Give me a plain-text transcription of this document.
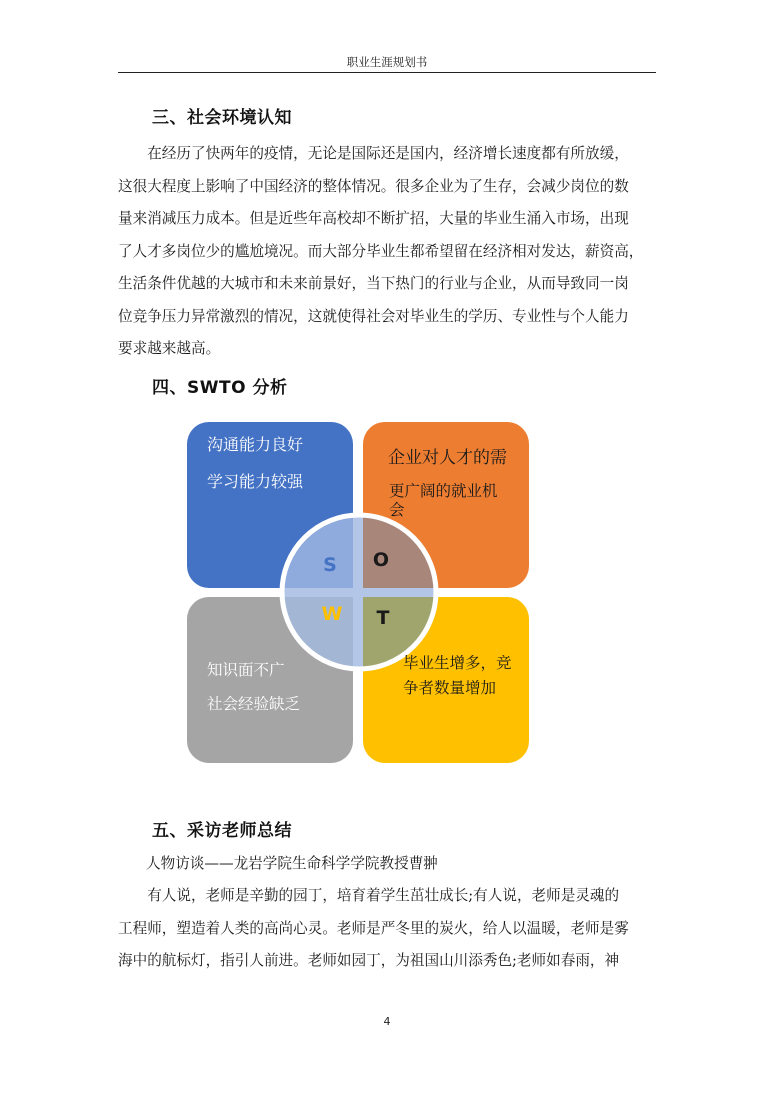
职业生涯规划书
三、社会环境认知

在经历了快两年的疫情，无论是国际还是国内，经济增长速度都有所放缓，

这很大程度上影响了中国经济的整体情况。很多企业为了生存，会减少岗位的数
量来消减压力成本。但是近些年高校却不断扩招，大量的毕业生涌入市场，出现
了人才多岗位少的尴尬境况。而大部分毕业生都希望留在经济相对发达，薪资高，
生活条件优越的大城市和未来前景好，当下热门的行业与企业，从而导致同一岗
位竞争压力异常激烈的情况，这就使得社会对毕业生的学历、专业性与个人能力
要求越来越高。
四、SWTO 分析
S O
W T
沟通能力良好
学习能力较强
企业对人才的需
更广阔的就业机
会
知识面不广
社会经验缺乏
毕业生增多，竞
争者数量增加
五、采访老师总结
人物访谈——龙岩学院生命科学学院教授曹翀

有人说，老师是辛勤的园丁，培育着学生茁壮成长;有人说，老师是灵魂的

工程师，塑造着人类的高尚心灵。老师是严冬里的炭火，给人以温暖，老师是雾
海中的航标灯，指引人前进。老师如园丁，为祖国山川添秀色;老师如春雨，神
4
